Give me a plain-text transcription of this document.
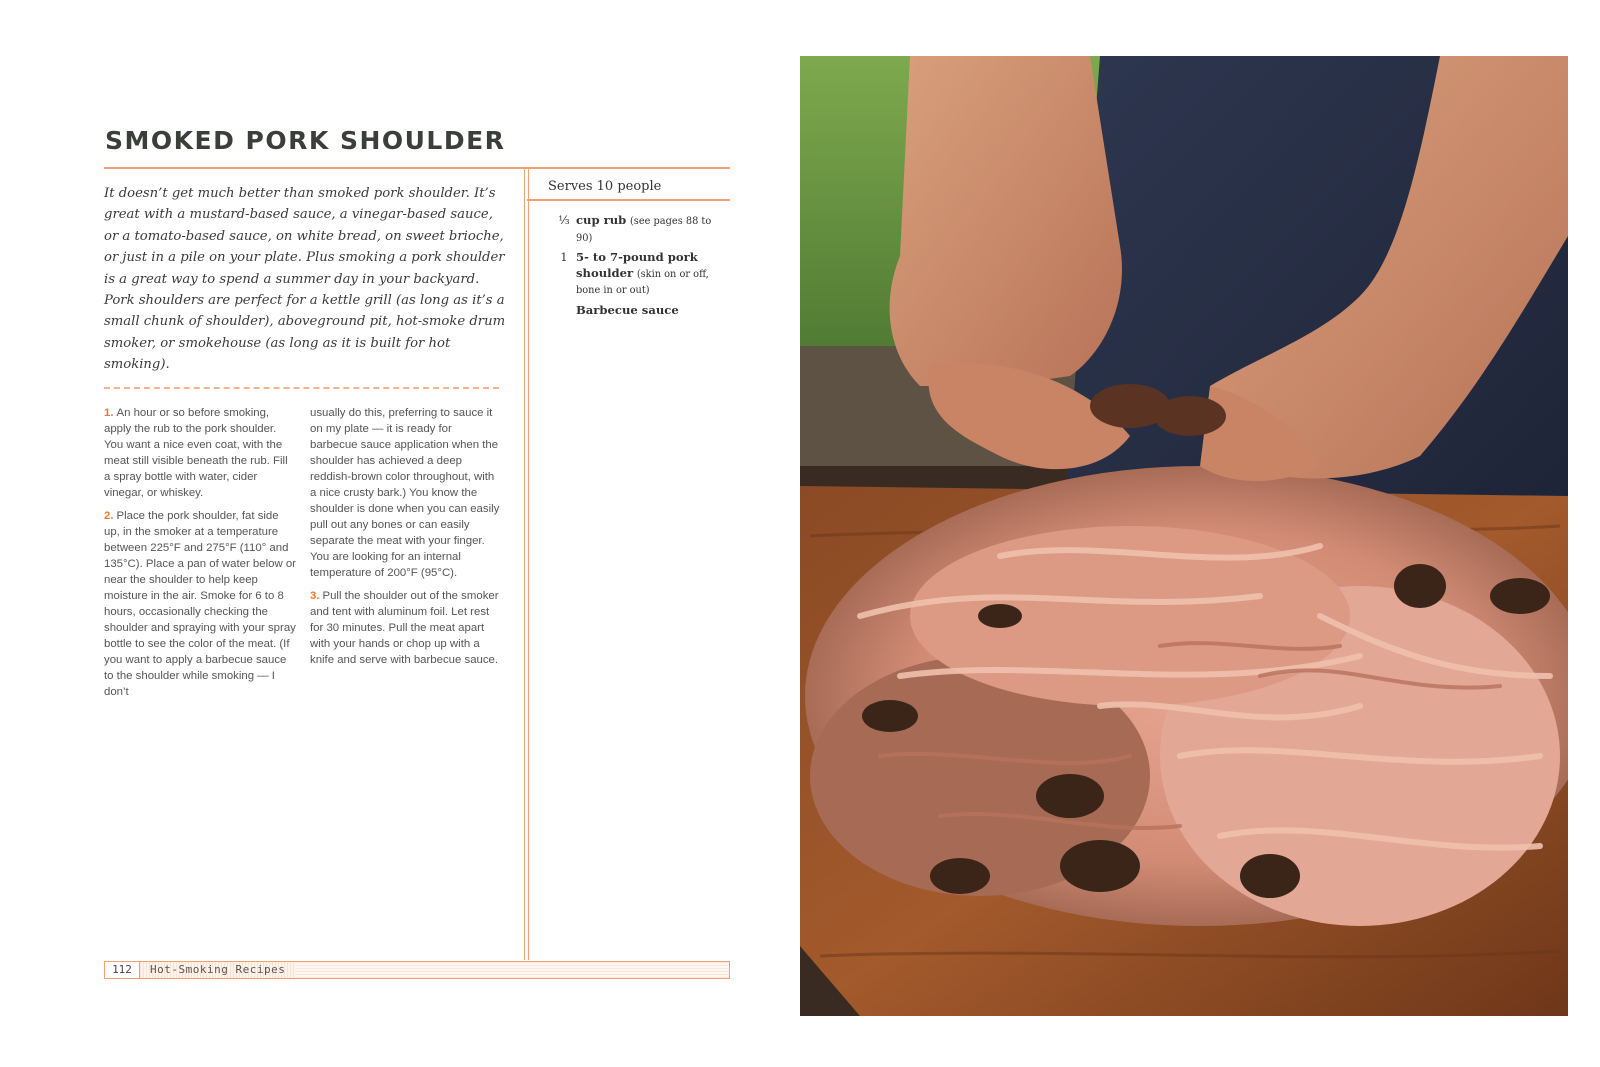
SMOKED PORK SHOULDER

It doesn’t get much better than smoked pork shoulder. It’s great with a mustard-based sauce, a vinegar-based sauce, or a tomato-based sauce, on white bread, on sweet brioche, or just in a pile on your plate. Plus smoking a pork shoulder is a great way to spend a summer day in your backyard. Pork shoulders are perfect for a kettle grill (as long as it’s a small chunk of shoulder), aboveground pit, hot-smoke drum smoker, or smokehouse (as long as it is built for hot smoking).

1. An hour or so before smoking, apply the rub to the pork shoulder. You want a nice even coat, with the meat still visible beneath the rub. Fill a spray bottle with water, cider vinegar, or whiskey.

2. Place the pork shoulder, fat side up, in the smoker at a temperature between 225°F and 275°F (110° and 135°C). Place a pan of water below or near the shoulder to help keep moisture in the air. Smoke for 6 to 8 hours, occasionally checking the shoulder and spraying with your spray bottle to see the color of the meat. (If you want to apply a barbecue sauce to the shoulder while smoking — I don’t

usually do this, preferring to sauce it on my plate — it is ready for barbecue sauce application when the shoulder has achieved a deep reddish-brown color throughout, with a nice crusty bark.) You know the shoulder is done when you can easily pull out any bones or can easily separate the meat with your finger. You are looking for an internal temperature of 200°F (95°C).

3. Pull the shoulder out of the smoker and tent with aluminum foil. Let rest for 30 minutes. Pull the meat apart with your hands or chop up with a knife and serve with barbecue sauce.

Serves 10 people

⅓ cup rub (see pages 88 to 90)
1 5- to 7-pound pork shoulder (skin on or off, bone in or out)
Barbecue sauce
112	Hot-Smoking Recipes
